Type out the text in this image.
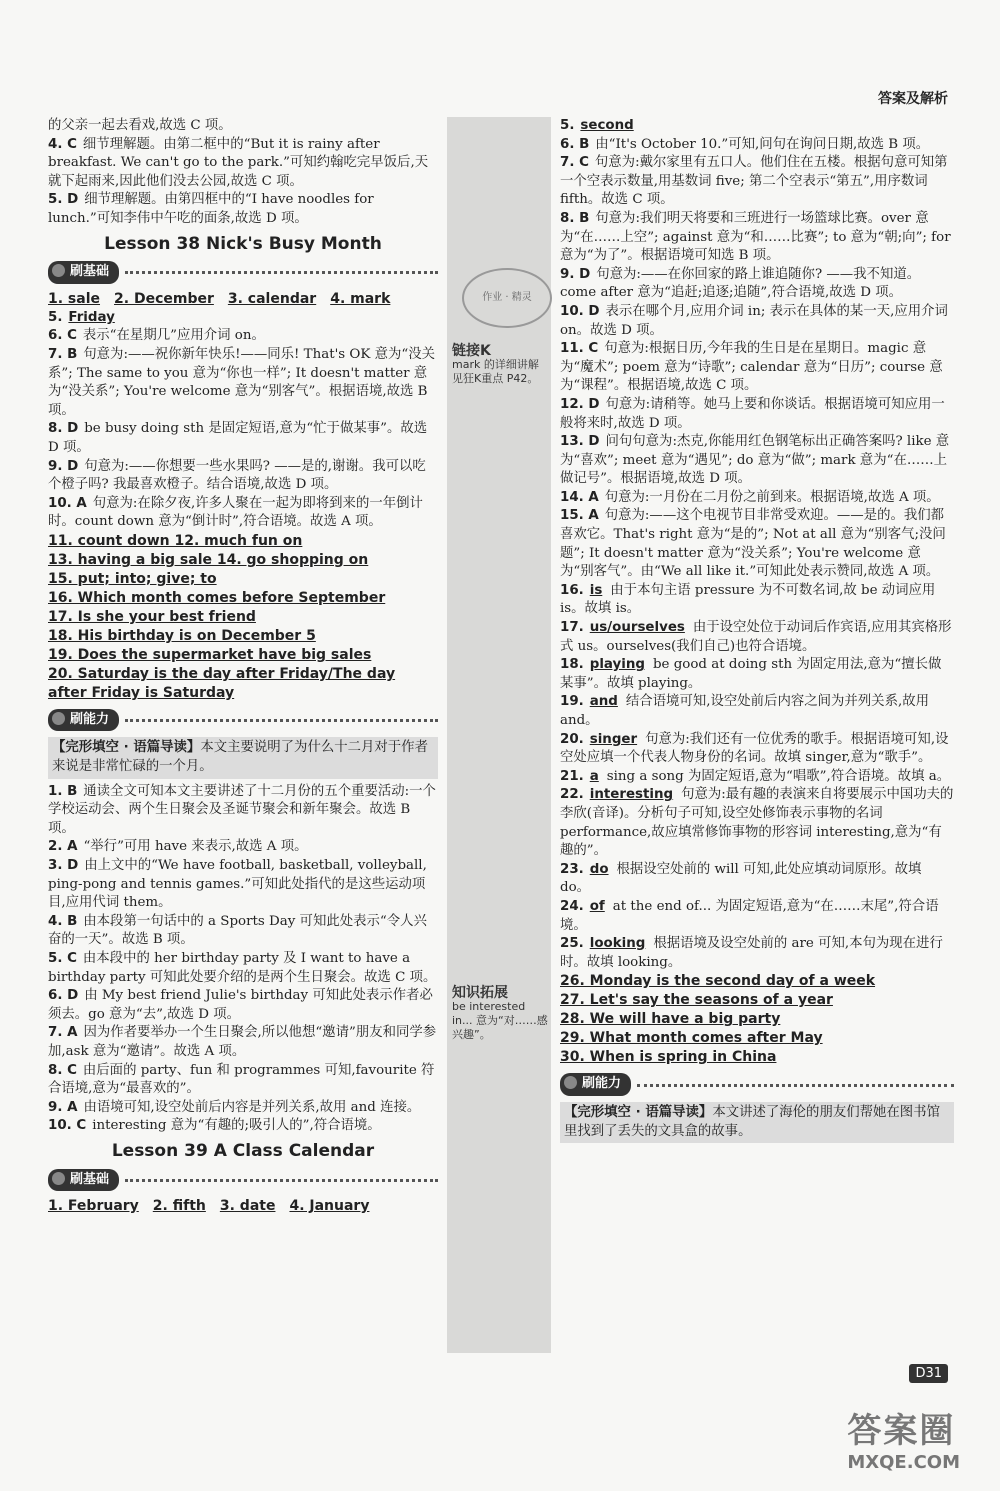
答案及解析
作业 · 精灵
链接K
mark 的详细讲解见狂K重点 P42。
知识拓展
be interested in... 意为“对……感兴趣”。
的父亲一起去看戏,故选 C 项。
4. C 细节理解题。由第二框中的“But it is rainy after breakfast. We can't go to the park.”可知约翰吃完早饭后,天就下起雨来,因此他们没去公园,故选 C 项。
5. D 细节理解题。由第四框中的“I have noodles for lunch.”可知李伟中午吃的面条,故选 D 项。
Lesson 38 Nick's Busy Month
刷基础
1. sale 2. December 3. calendar 4. mark
5. Friday
6. C 表示“在星期几”应用介词 on。
7. B 句意为:——祝你新年快乐!——同乐! That's OK 意为“没关系”; The same to you 意为“你也一样”; It doesn't matter 意为“没关系”; You're welcome 意为“别客气”。根据语境,故选 B 项。
8. D be busy doing sth 是固定短语,意为“忙于做某事”。故选 D 项。
9. D 句意为:——你想要一些水果吗? ——是的,谢谢。我可以吃个橙子吗? 我最喜欢橙子。结合语境,故选 D 项。
10. A 句意为:在除夕夜,许多人聚在一起为即将到来的一年倒计时。count down 意为“倒计时”,符合语境。故选 A 项。
11. count down 12. much fun on
13. having a big sale 14. go shopping on
15. put; into; give; to
16. Which month comes before September
17. Is she your best friend
18. His birthday is on December 5
19. Does the supermarket have big sales
20. Saturday is the day after Friday/The day after Friday is Saturday
刷能力
【完形填空 · 语篇导读】本文主要说明了为什么十二月对于作者来说是非常忙碌的一个月。
1. B 通读全文可知本文主要讲述了十二月份的五个重要活动:一个学校运动会、两个生日聚会及圣诞节聚会和新年聚会。故选 B 项。
2. A “举行”可用 have 来表示,故选 A 项。
3. D 由上文中的“We have football, basketball, volleyball, ping-pong and tennis games.”可知此处指代的是这些运动项目,应用代词 them。
4. B 由本段第一句话中的 a Sports Day 可知此处表示“令人兴奋的一天”。故选 B 项。
5. C 由本段中的 her birthday party 及 I want to have a birthday party 可知此处要介绍的是两个生日聚会。故选 C 项。
6. D 由 My best friend Julie's birthday 可知此处表示作者必须去。go 意为“去”,故选 D 项。
7. A 因为作者要举办一个生日聚会,所以他想“邀请”朋友和同学参加,ask 意为“邀请”。故选 A 项。
8. C 由后面的 party、fun 和 programmes 可知,favourite 符合语境,意为“最喜欢的”。
9. A 由语境可知,设空处前后内容是并列关系,故用 and 连接。
10. C interesting 意为“有趣的;吸引人的”,符合语境。
Lesson 39 A Class Calendar
刷基础
1. February 2. fifth 3. date 4. January
5. second
6. B 由“It's October 10.”可知,问句在询问日期,故选 B 项。
7. C 句意为:戴尔家里有五口人。他们住在五楼。根据句意可知第一个空表示数量,用基数词 five; 第二个空表示“第五”,用序数词 fifth。故选 C 项。
8. B 句意为:我们明天将要和三班进行一场篮球比赛。over 意为“在……上空”; against 意为“和……比赛”; to 意为“朝;向”; for 意为“为了”。根据语境可知选 B 项。
9. D 句意为:——在你回家的路上谁追随你? ——我不知道。come after 意为“追赶;追逐;追随”,符合语境,故选 D 项。
10. D 表示在哪个月,应用介词 in; 表示在具体的某一天,应用介词 on。故选 D 项。
11. C 句意为:根据日历,今年我的生日是在星期日。magic 意为“魔术”; poem 意为“诗歌”; calendar 意为“日历”; course 意为“课程”。根据语境,故选 C 项。
12. D 句意为:请稍等。她马上要和你谈话。根据语境可知应用一般将来时,故选 D 项。
13. D 问句句意为:杰克,你能用红色钢笔标出正确答案吗? like 意为“喜欢”; meet 意为“遇见”; do 意为“做”; mark 意为“在……上做记号”。根据语境,故选 D 项。
14. A 句意为:一月份在二月份之前到来。根据语境,故选 A 项。
15. A 句意为:——这个电视节目非常受欢迎。——是的。我们都喜欢它。That's right 意为“是的”; Not at all 意为“别客气;没问题”; It doesn't matter 意为“没关系”; You're welcome 意为“别客气”。由“We all like it.”可知此处表示赞同,故选 A 项。
16. is 由于本句主语 pressure 为不可数名词,故 be 动词应用 is。故填 is。
17. us/ourselves 由于设空处位于动词后作宾语,应用其宾格形式 us。ourselves(我们自己)也符合语境。
18. playing be good at doing sth 为固定用法,意为“擅长做某事”。故填 playing。
19. and 结合语境可知,设空处前后内容之间为并列关系,故用 and。
20. singer 句意为:我们还有一位优秀的歌手。根据语境可知,设空处应填一个代表人物身份的名词。故填 singer,意为“歌手”。
21. a sing a song 为固定短语,意为“唱歌”,符合语境。故填 a。
22. interesting 句意为:最有趣的表演来自将要展示中国功夫的李欣(音译)。分析句子可知,设空处修饰表示事物的名词 performance,故应填常修饰事物的形容词 interesting,意为“有趣的”。
23. do 根据设空处前的 will 可知,此处应填动词原形。故填 do。
24. of at the end of... 为固定短语,意为“在……末尾”,符合语境。
25. looking 根据语境及设空处前的 are 可知,本句为现在进行时。故填 looking。
26. Monday is the second day of a week
27. Let's say the seasons of a year
28. We will have a big party
29. What month comes after May
30. When is spring in China
刷能力
【完形填空 · 语篇导读】本文讲述了海伦的朋友们帮她在图书馆里找到了丢失的文具盒的故事。
D31
答案圈
MXQE.COM
